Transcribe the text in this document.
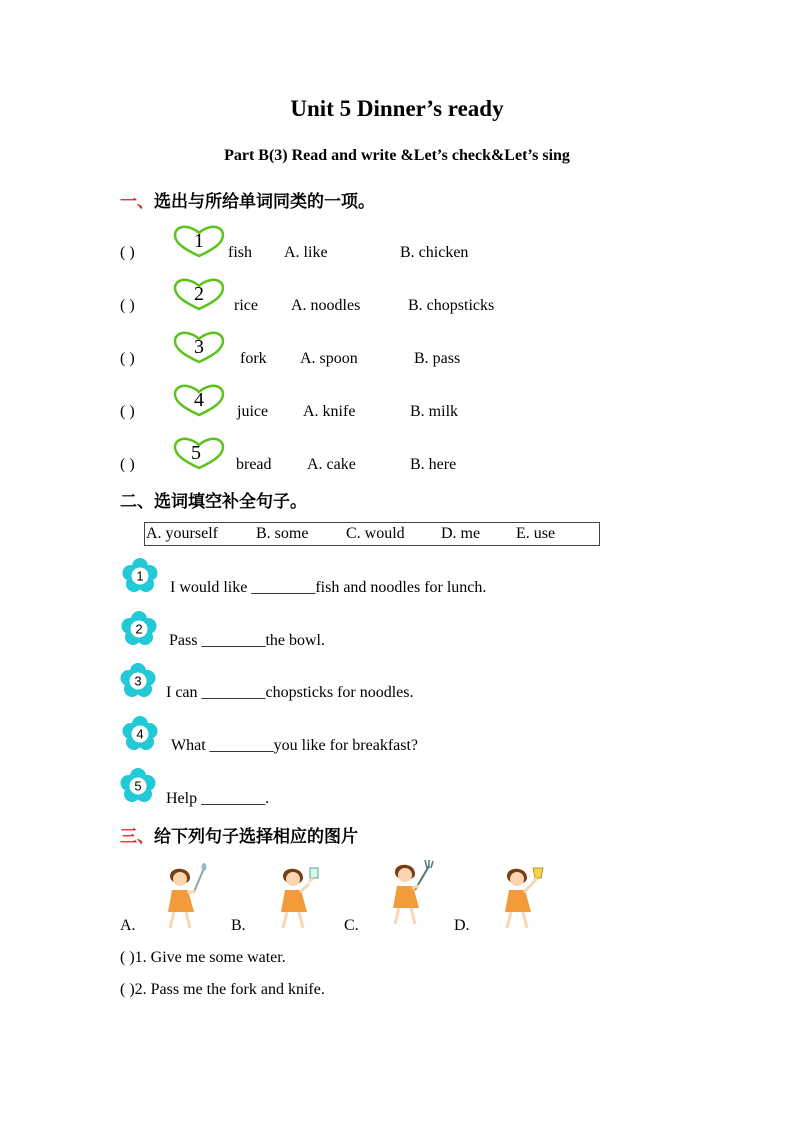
Unit 5 Dinner’s ready
Part B(3) Read and write &Let’s check&Let’s sing
一、选出与所给单词同类的一项。
( )
1
fish A. like	B. chicken
( )
2
rice A. noodles	B. chopsticks
( )
3
fork A. spoon	B. pass
( )
4
juice A. knife	B. milk
( )
5
bread A. cake	B. here
二、选词填空补全句子。
A. yourself B. some C. would D. me E. use
1
I would like ________fish and noodles for lunch.
2
Pass ________the bowl.
3
I can ________chopsticks for noodles.
4
What ________you like for breakfast?
5
Help ________.
三、给下列句子选择相应的图片
A.	B.	C.	D.
( )1. Give me some water.
( )2. Pass me the fork and knife.
